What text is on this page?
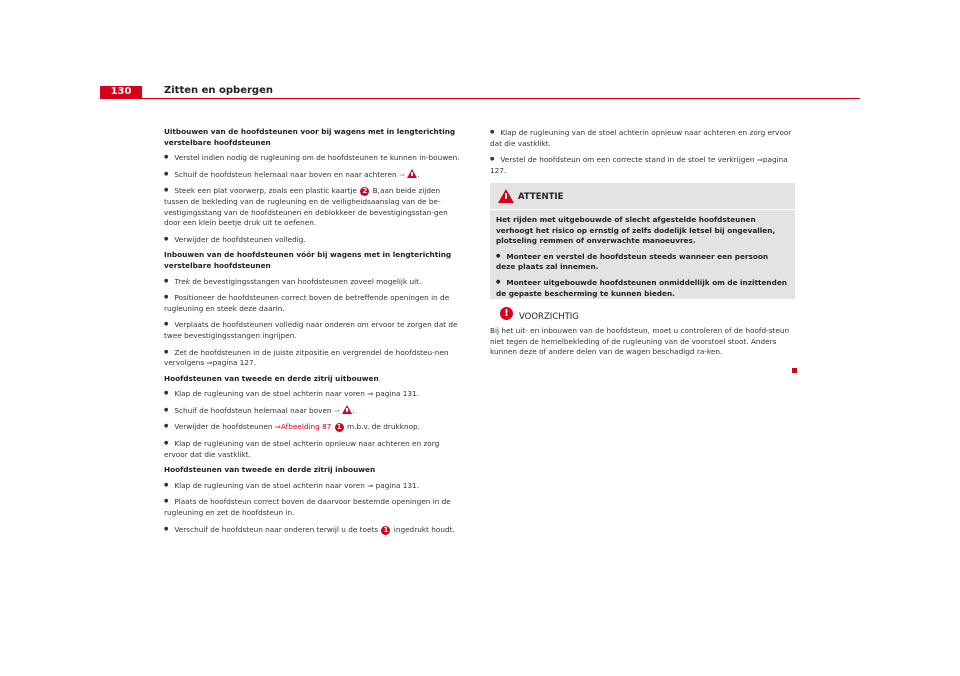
130	Zitten en opbergen

Uitbouwen van de hoofdsteunen voor bij wagens met in lengterichting verstelbare hoofdsteunen

● Verstel indien nodig de rugleuning om de hoofdsteunen te kunnen in-bouwen.

● Schuif de hoofdsteun helemaal naar boven en naar achteren ⇒ .

● Steek een plat voorwerp, zoals een plastic kaartje 2 B,aan beide zijden tussen de bekleding van de rugleuning en de veiligheidsaanslag van de be-vestigingsstang van de hoofdsteunen en deblokkeer de bevestigingsstan-gen door een klein beetje druk uit te oefenen.

● Verwijder de hoofdsteunen volledig.

Inbouwen van de hoofdsteunen vóór bij wagens met in lengterichting verstelbare hoofdsteunen

● Trek de bevestigingsstangen van hoofdsteunen zoveel mogelijk uit.

● Positioneer de hoofdsteunen correct boven de betreffende openingen in de rugleuning en steek deze daarin.

● Verplaats de hoofdsteunen volledig naar onderen om ervoor te zorgen dat de twee bevestigingsstangen ingrijpen.

● Zet de hoofdsteunen in de juiste zitpositie en vergrendel de hoofdsteu-nen vervolgens ⇒pagina 127.

Hoofdsteunen van tweede en derde zitrij uitbouwen

● Klap de rugleuning van de stoel achterin naar voren ⇒ pagina 131.

● Schuif de hoofdsteun helemaal naar boven ⇒ .

● Verwijder de hoofdsteunen ⇒Afbeelding 87 1 m.b.v. de drukknop.

● Klap de rugleuning van de stoel achterin opnieuw naar achteren en zorg ervoor dat die vastklikt.

Hoofdsteunen van tweede en derde zitrij inbouwen

● Klap de rugleuning van de stoel achterin naar voren ⇒ pagina 131.

● Plaats de hoofdsteun correct boven de daarvoor bestemde openingen in de rugleuning en zet de hoofdsteun in.

● Verschuif de hoofdsteun naar onderen terwijl u de toets 1 ingedrukt houdt.

● Klap de rugleuning van de stoel achterin opnieuw naar achteren en zorg ervoor dat die vastklikt.

● Verstel de hoofdsteun om een correcte stand in de stoel te verkrijgen ⇒pagina 127.

ATTENTIE

Het rijden met uitgebouwde of slecht afgestelde hoofdsteunen verhoogt het risico op ernstig of zelfs dodelijk letsel bij ongevallen, plotseling remmen of onverwachte manoeuvres.

● Monteer en verstel de hoofdsteun steeds wanneer een persoon deze plaats zal innemen.

● Monteer uitgebouwde hoofdsteunen onmiddellijk om de inzittenden de gepaste bescherming te kunnen bieden.

!	VOORZICHTIG
Bij het uit- en inbouwen van de hoofdsteun, moet u controleren of de hoofd-steun niet tegen de hemelbekleding of de rugleuning van de voorstoel stoot. Anders kunnen deze of andere delen van de wagen beschadigd ra-ken.
